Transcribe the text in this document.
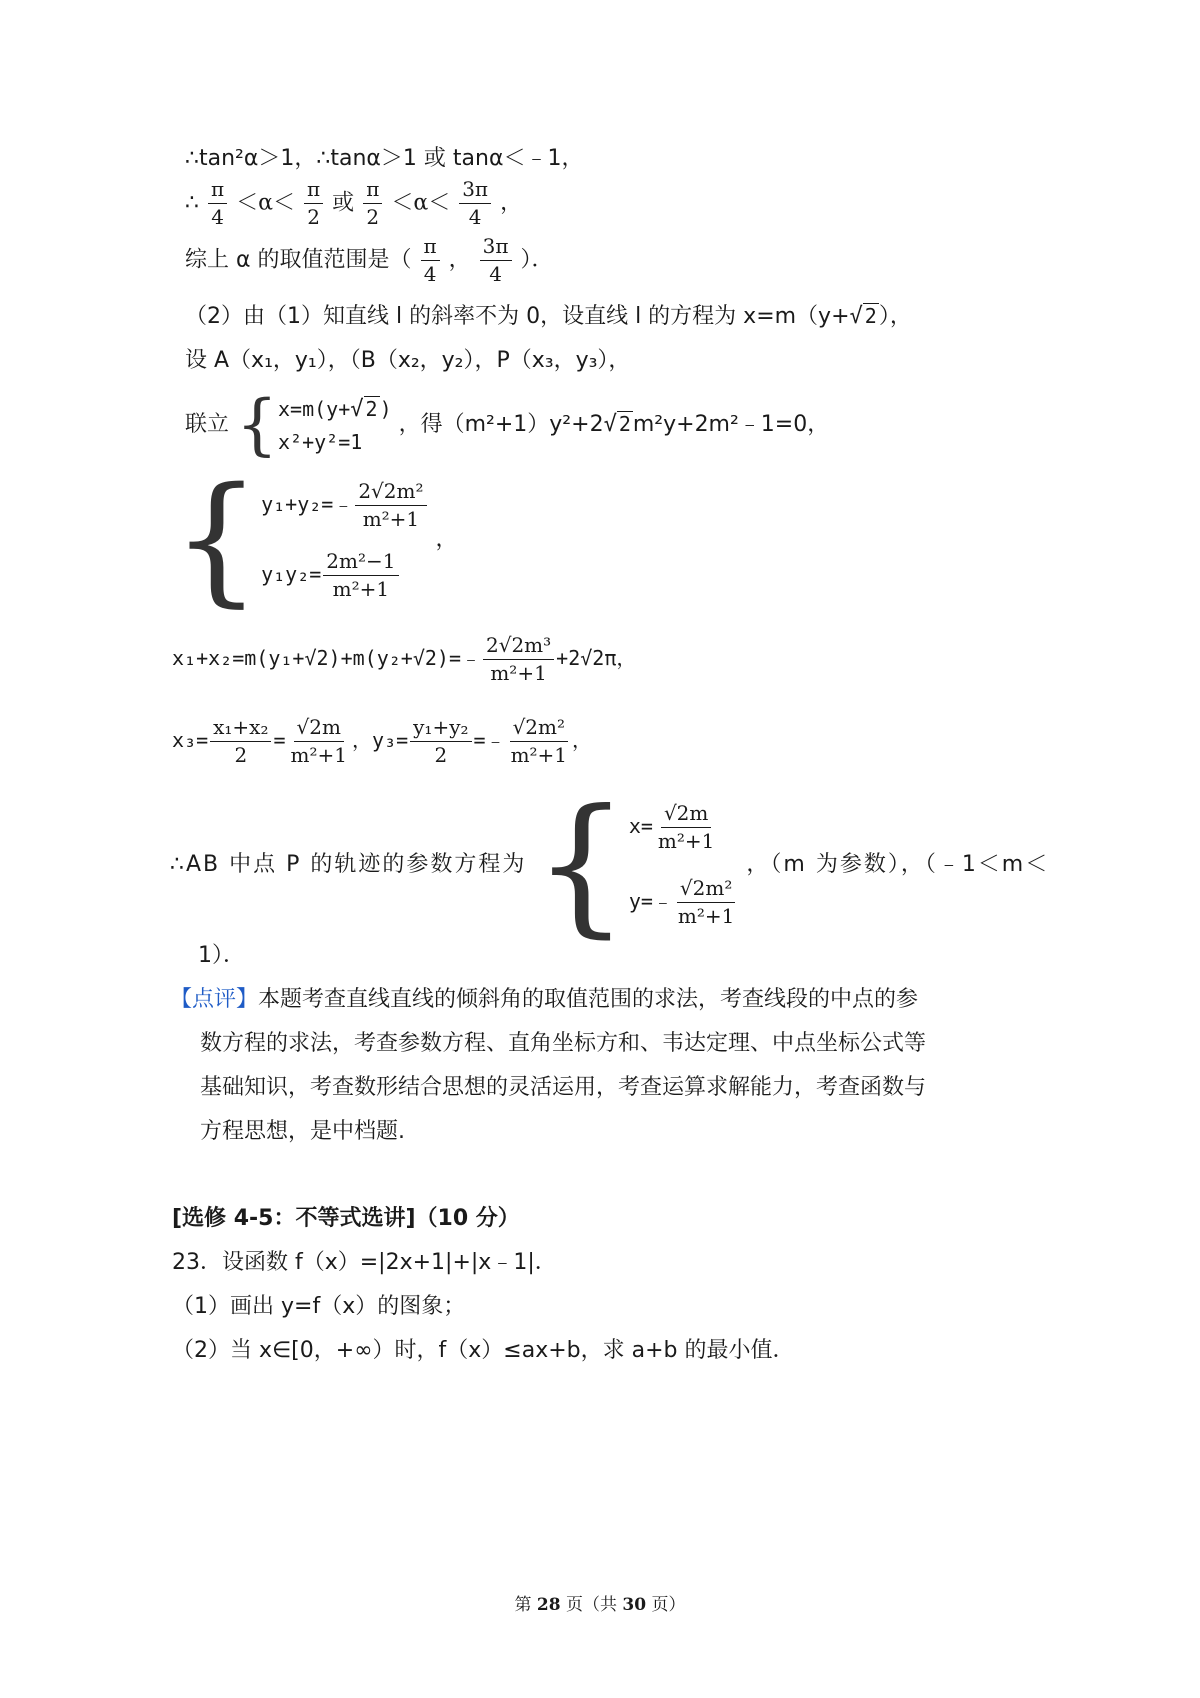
∴tan²α＞1，∴tanα＞1 或 tanα＜﹣1，
∴ $\frac{\pi}{4} <\alpha< \frac{\pi}{2}$ 或 $\frac{\pi}{2} <\alpha< \frac{3\pi}{4}$ ，
综上 α 的取值范围是（ $\frac{\pi}{4}$ ， $\frac{3\pi}{4}$ ）．
（2）由（1）知直线 l 的斜率不为 0，设直线 l 的方程为 x=m（y+√ 2），
设 A（x₁，y₁），（B（x₂，y₂），P（x₃，y₃），
联立 { x=m(y+√ 2 )
x²+y²=1
，得（m²+1）y²+2√ 2m²y+2m²﹣1=0，
{ y₁+y₂=﹣ $\frac{\text{2√2m²}}{\text{m²+1}}$
$y_1y_2= \frac{\text{2m²−1}}{\text{m²+1}}$
，
x₁+x₂=m(y₁+√2)+m(y₂+√2)=﹣ $\frac{\text{2√2m³}}{\text{m²+1}} +2√2\pi$，
$x_3= \frac{\text{x₁+x₂}}{2} = \frac{√2m}{\text{m²+1}}$ ，$y_3= \frac{\text{y₁+y₂}}{2}$ =﹣ $\frac{\text{√2m²}}{\text{m²+1}}$ ，
∴AB 中点 P 的轨迹的参数方程为 { $x= \frac{√2m}{\text{m²+1}}$
y=﹣ $\frac{\text{√2m²}}{\text{m²+1}}$
，（m 为参数），（﹣1＜m＜
1）．
【点评】本题考查直线直线的倾斜角的取值范围的求法，考查线段的中点的参
数方程的求法，考查参数方程、直角坐标方和、韦达定理、中点坐标公式等
基础知识，考查数形结合思想的灵活运用，考查运算求解能力，考查函数与
方程思想，是中档题.
[选修 4-5：不等式选讲]（10 分）
23．设函数 f（x）=|2x+1|+|x﹣1|．
（1）画出 y=f（x）的图象；
（2）当 x∈[0，+∞）时，f（x）≤ax+b，求 a+b 的最小值．
第 28 页（共 30 页）
